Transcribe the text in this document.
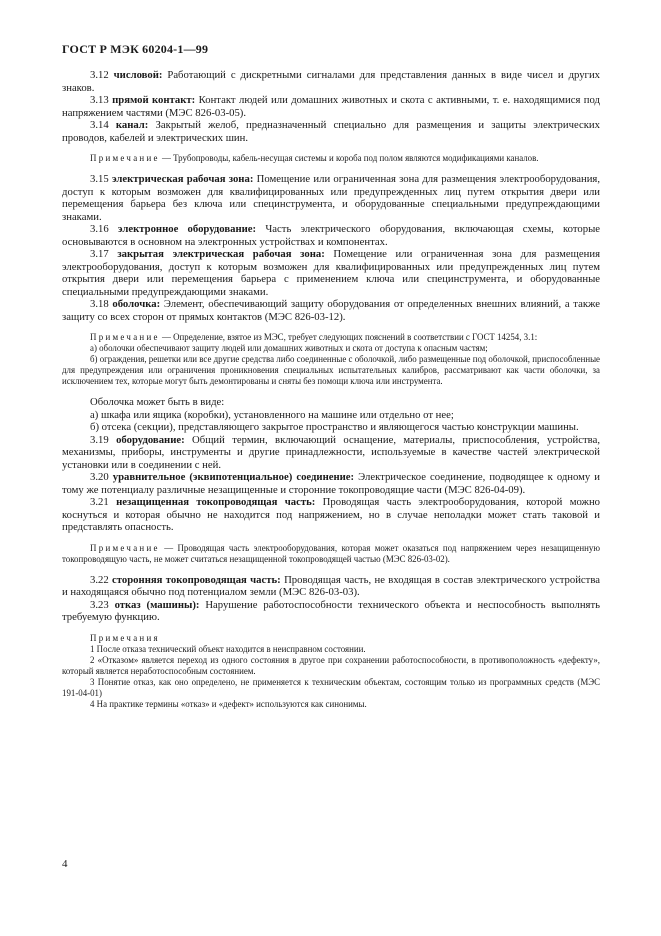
ГОСТ Р МЭК 60204-1—99

3.12 числовой: Работающий с дискретными сигналами для представления данных в виде чисел и других знаков.

3.13 прямой контакт: Контакт людей или домашних животных и скота с активными, т. е. находящимися под напряжением частями (МЭС 826-03-05).

3.14 канал: Закрытый желоб, предназначенный специально для размещения и защиты электрических проводов, кабелей и электрических шин.

Примечание — Трубопроводы, кабель-несущая системы и короба под полом являются модификациями каналов.

3.15 электрическая рабочая зона: Помещение или ограниченная зона для размещения электрооборудования, доступ к которым возможен для квалифицированных или предупрежденных лиц путем открытия двери или перемещения барьера без ключа или специнструмента, и оборудованные специальными предупреждающими знаками.

3.16 электронное оборудование: Часть электрического оборудования, включающая схемы, которые основываются в основном на электронных устройствах и компонентах.

3.17 закрытая электрическая рабочая зона: Помещение или ограниченная зона для размещения электрооборудования, доступ к которым возможен для квалифицированных или предупрежденных лиц путем открытия двери или перемещения барьера с применением ключа или специнструмента, и оборудованные специальными предупреждающими знаками.

3.18 оболочка: Элемент, обеспечивающий защиту оборудования от определенных внешних влияний, а также защиту со всех сторон от прямых контактов (МЭС 826-03-12).

Примечание — Определение, взятое из МЭС, требует следующих пояснений в соответствии с ГОСТ 14254, 3.1:

а) оболочки обеспечивают защиту людей или домашних животных и скота от доступа к опасным частям;

б) ограждения, решетки или все другие средства либо соединенные с оболочкой, либо размещенные под оболочкой, приспособленные для предупреждения или ограничения проникновения специальных испытательных калибров, рассматривают как части оболочки, за исключением тех, которые могут быть демонтированы и сняты без помощи ключа или инструмента.

Оболочка может быть в виде:

а) шкафа или ящика (коробки), установленного на машине или отдельно от нее;

б) отсека (секции), представляющего закрытое пространство и являющегося частью конструкции машины.

3.19 оборудование: Общий термин, включающий оснащение, материалы, приспособления, устройства, механизмы, приборы, инструменты и другие принадлежности, используемые в качестве частей электрической установки или в соединении с ней.

3.20 уравнительное (эквипотенциальное) соединение: Электрическое соединение, подводящее к одному и тому же потенциалу различные незащищенные и сторонние токопроводящие части (МЭС 826-04-09).

3.21 незащищенная токопроводящая часть: Проводящая часть электрооборудования, которой можно коснуться и которая обычно не находится под напряжением, но в случае неполадки может стать таковой и представлять опасность.

Примечание — Проводящая часть электрооборудования, которая может оказаться под напряжением через незащищенную токопроводящую часть, не может считаться незащищенной токопроводящей частью (МЭС 826-03-02).

3.22 сторонняя токопроводящая часть: Проводящая часть, не входящая в состав электрического устройства и находящаяся обычно под потенциалом земли (МЭС 826-03-03).

3.23 отказ (машины): Нарушение работоспособности технического объекта и неспособность выполнять требуемую функцию.

Примечания

1 После отказа технический объект находится в неисправном состоянии.

2 «Отказом» является переход из одного состояния в другое при сохранении работоспособности, в противоположность «дефекту», который является неработоспособным состоянием.

3 Понятие отказ, как оно определено, не применяется к техническим объектам, состоящим только из программных средств (МЭС 191-04-01)

4 На практике термины «отказ» и «дефект» используются как синонимы.

4
